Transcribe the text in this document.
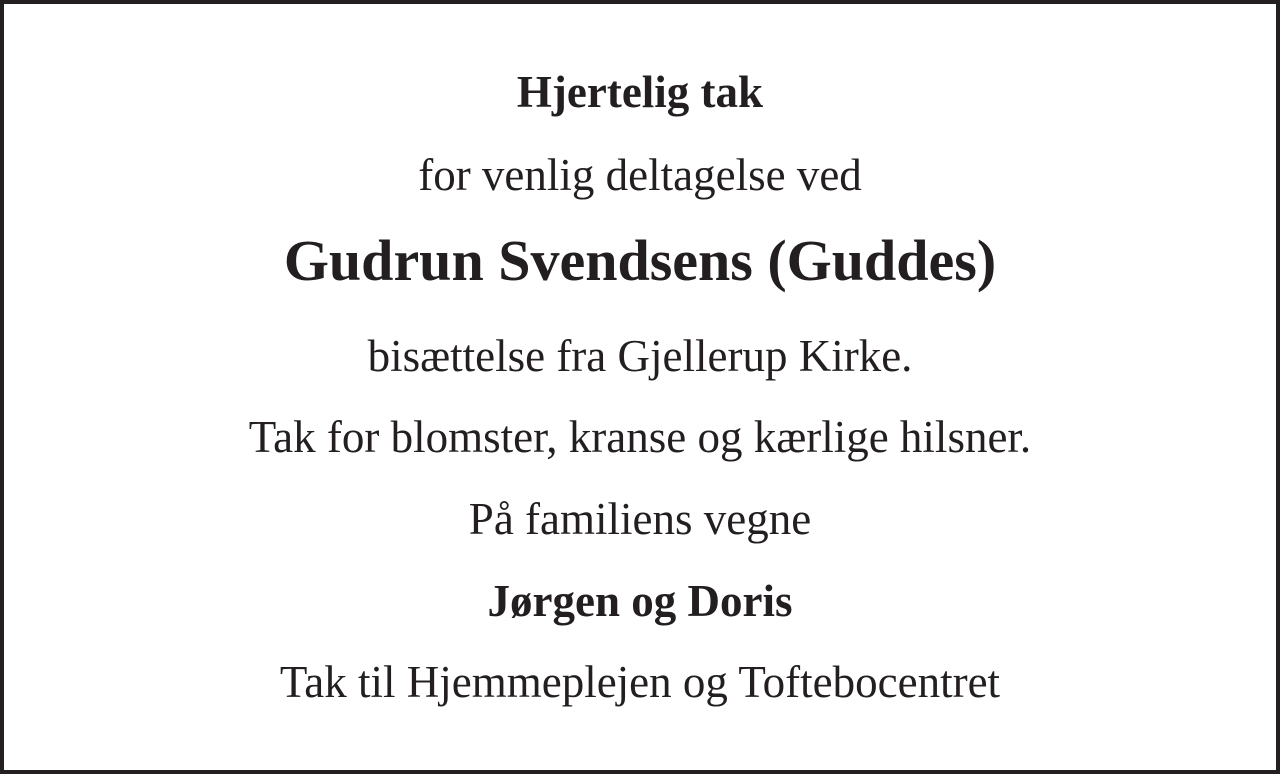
Hjertelig tak
for venlig deltagelse ved
Gudrun Svendsens (Guddes)
bisættelse fra Gjellerup Kirke.
Tak for blomster, kranse og kærlige hilsner.
På familiens vegne
Jørgen og Doris
Tak til Hjemmeplejen og Toftebocentret
